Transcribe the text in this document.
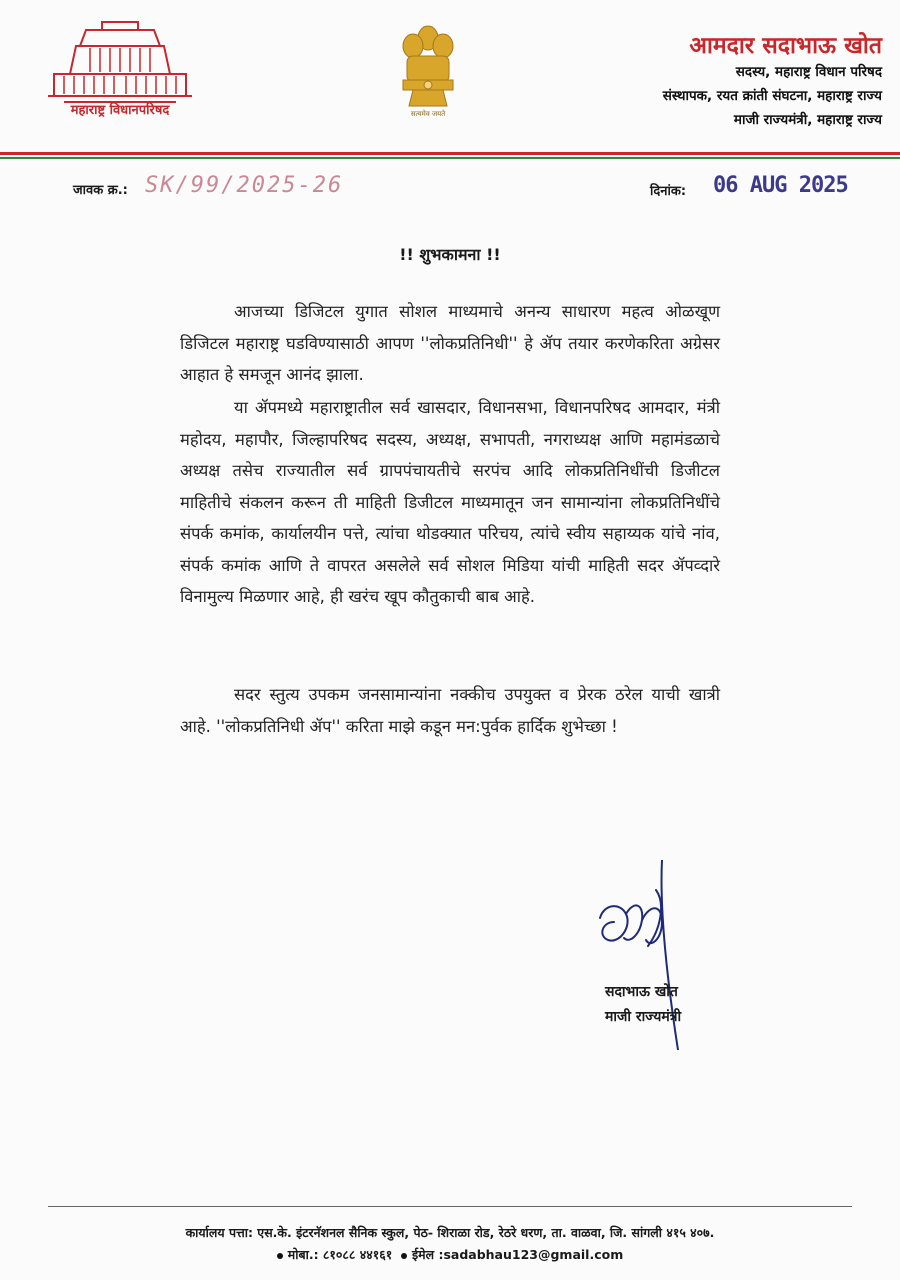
महाराष्ट्र विधानपरिषद	सत्यमेव जयते
आमदार सदाभाऊ खोत
सदस्य, महाराष्ट्र विधान परिषद
संस्थापक, रयत क्रांती संघटना, महाराष्ट्र राज्य
माजी राज्यमंत्री, महाराष्ट्र राज्य
जावक क्र.: SK/99/2025-26	दिनांक: 06 AUG 2025
!! शुभकामना !!
आजच्या डिजिटल युगात सोशल माध्यमाचे अनन्य साधारण महत्व ओळखूण डिजिटल महाराष्ट्र घडविण्यासाठी आपण ''लोकप्रतिनिधी'' हे ॲप तयार करणेकरिता अग्रेसर आहात हे समजून आनंद झाला.
या ॲपमध्ये महाराष्ट्रातील सर्व खासदार, विधानसभा, विधानपरिषद आमदार, मंत्री महोदय, महापौर, जिल्हापरिषद सदस्य, अध्यक्ष, सभापती, नगराध्यक्ष आणि महामंडळाचे अध्यक्ष तसेच राज्यातील सर्व ग्रापपंचायतीचे सरपंच आदि लोकप्रतिनिधींची डिजीटल माहितीचे संकलन करून ती माहिती डिजीटल माध्यमातून जन सामान्यांना लोकप्रतिनिधींचे संपर्क कमांक, कार्यालयीन पत्ते, त्यांचा थोडक्यात परिचय, त्यांचे स्वीय सहाय्यक यांचे नांव, संपर्क कमांक आणि ते वापरत असलेले सर्व सोशल मिडिया यांची माहिती सदर ॲपव्दारे विनामुल्य मिळणार आहे, ही खरंच खूप कौतुकाची बाब आहे.
सदर स्तुत्य उपकम जनसामान्यांना नक्कीच उपयुक्त व प्रेरक ठरेल याची खात्री आहे. ''लोकप्रतिनिधी ॲप'' करिता माझे कडून मन:पुर्वक हार्दिक शुभेच्छा !
सदाभाऊ खोत
माजी राज्यमंत्री
कार्यालय पत्ता: एस.के. इंटरनॅशनल सैनिक स्कुल, पेठ- शिराळा रोड, रेठरे धरण, ता. वाळवा, जि. सांगली ४१५ ४०७.
मोबा.: ८१०८८ ४४१६१ ईमेल :sadabhau123@gmail.com
